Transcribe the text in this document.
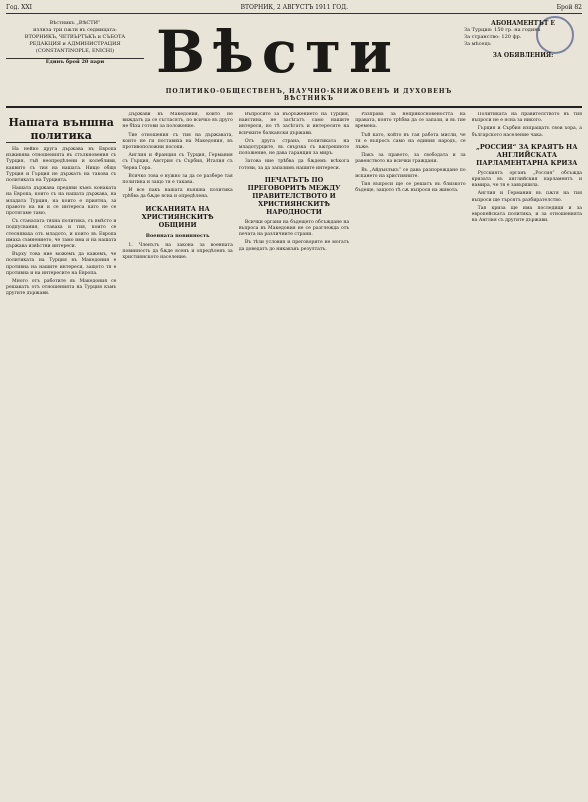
Год. XXI	ВТОРНИК, 2 АВГУСТЪ 1911 ГОД.	Брой 82
Вѣстникъ „ВѢСТИ“
излиза три пѫти въ седмицата:
ВТОРНИКЪ, ЧЕТВЪРТЪКЪ и СЪБОТА
РЕДАКЦИЯ и АДМИНИСТРАЦИЯ
(CONSTANTINOPLE, ENICHI)
Единъ брой 20 пари Вѣсти	АБОНАМЕНТЪТ Е
За Турция: 150 гр. на година
За странство: 120 фр.
За мѣсецъ
ЗА ОБЯВЛЕНИЯ:
ПОЛИТИКО-ОБЩЕСТВЕНЪ, НАУЧНО-КНИЖОВЕНЪ И ДУХОВЕНЪ ВѢСТНИКЪ
Нашата външна политика

На нейно друга държава въ Европа изживява отношенията въ стълкновения съ Турция, тъй неопредѣлени и колебливи, каквито съ тия на нашата. Нищо общо Турция и Гърция не държатъ на такова съ политиката на Турцията.

Нашата държава предяви къмъ конаката на Европа, които съ на нашата държава, на младата Турция, на които е приятна, за правото на ви и се интереса като не се протягаме тамо.

Съ станалата тяхна политика, съ вмѣсто и подпусвания, ставаха и тия, които се стесняваха отъ младото, и които въ Европа имаха съмнението, че тамо има и на нашата държава извѣстни интереси.

Върху това ние можемъ да кажемъ, че политиката на Турция въ Македония е противна на нашите интереси, защото тя е противна и на интересите на Европа.

Много отъ работите въ Македония се решаватъ отъ отношенията на Турция къмъ другите държави.

Държави въ Македония, които не виждатъ да се съгласятъ, по всичко въ друго не бѣха готови за положение.

Тие отношения съ тия на държавата, които не ги поставиха на Македония, въ противоположни посоки.

Англия и Франция съ Турция, Германия съ Гърция, Австрия съ Сърбия, Италия съ Черна Гора.

Всичко това е нужно за да се разбере тая политика и защо тя е такава.

И все пакъ нашата външна политика трѣбва да бѫде ясна и опредѣлена.

ИСКАНИЯТА НА ХРИСТИЯНСКИТѢ ОБЩИНИ
Военната повинность

1. Членътъ на закона за военната повинность да бѫде ясенъ и опредѣленъ за християнското население.

Въпросите за въоръжението на Турция, наистина, не засѣгатъ само нашите интереси, но тѣ засѣгатъ и интересите на всичките балкански държави.

Отъ друга страна, политиката на младотурците, въ свързка съ вѫтрешното положение, не дава гаранция за миръ.

Затова ние трѣбва да бѫдемъ всѣкога готови, за да запазимъ нашите интереси.

ПЕЧАТЪТЪ ПО ПРЕГОВОРИТѢ МЕЖДУ ПРАВИТЕЛСТВОТО И ХРИСТИЯНСКИТѢ НАРОДНОСТИ

Всички органи на бъдещето обсъждане на въпроса въ Македония не се разглежда отъ печата на различните страни.

Въ тѣзи условия и преговорите не могатъ да доведатъ до никакъвъ резултатъ.

Разправа за неприкосновеността на правата, която трѣбва да се запази, и въ тие времена.

Тъй като, който въ тая работа мисли, че тя е въпросъ само на единия народъ, се лъже.

Пакъ за правото, за свободата и за равенството на всички граждани.

Въ „Айдънлъкъ“ се дава разпореждане по искането на християните.

Тия въпроси ще се решатъ въ близкото бъдеще, защото тѣ сѫ въпроси на живота.

Политиката на правителството въ тия въпроси не е ясна за никого.

Гърция и Сърбия изпращатъ свои хора, а българското население чака.

„РОССИЯ“ ЗА КРАЯТЪ НА АНГЛИЙСКАТА ПАРЛАМЕНТАРНА КРИЗА

Русскиятъ органъ „Россия“ обсъжда кризата въ английския парламентъ и намира, че тя е завършила.

Англия и Германия въ пѫтя на тия въпроси ще търсятъ разбирателство.

Тая криза ще има последици и за европейската политика, и за отношенията на Англия съ другите държави.
